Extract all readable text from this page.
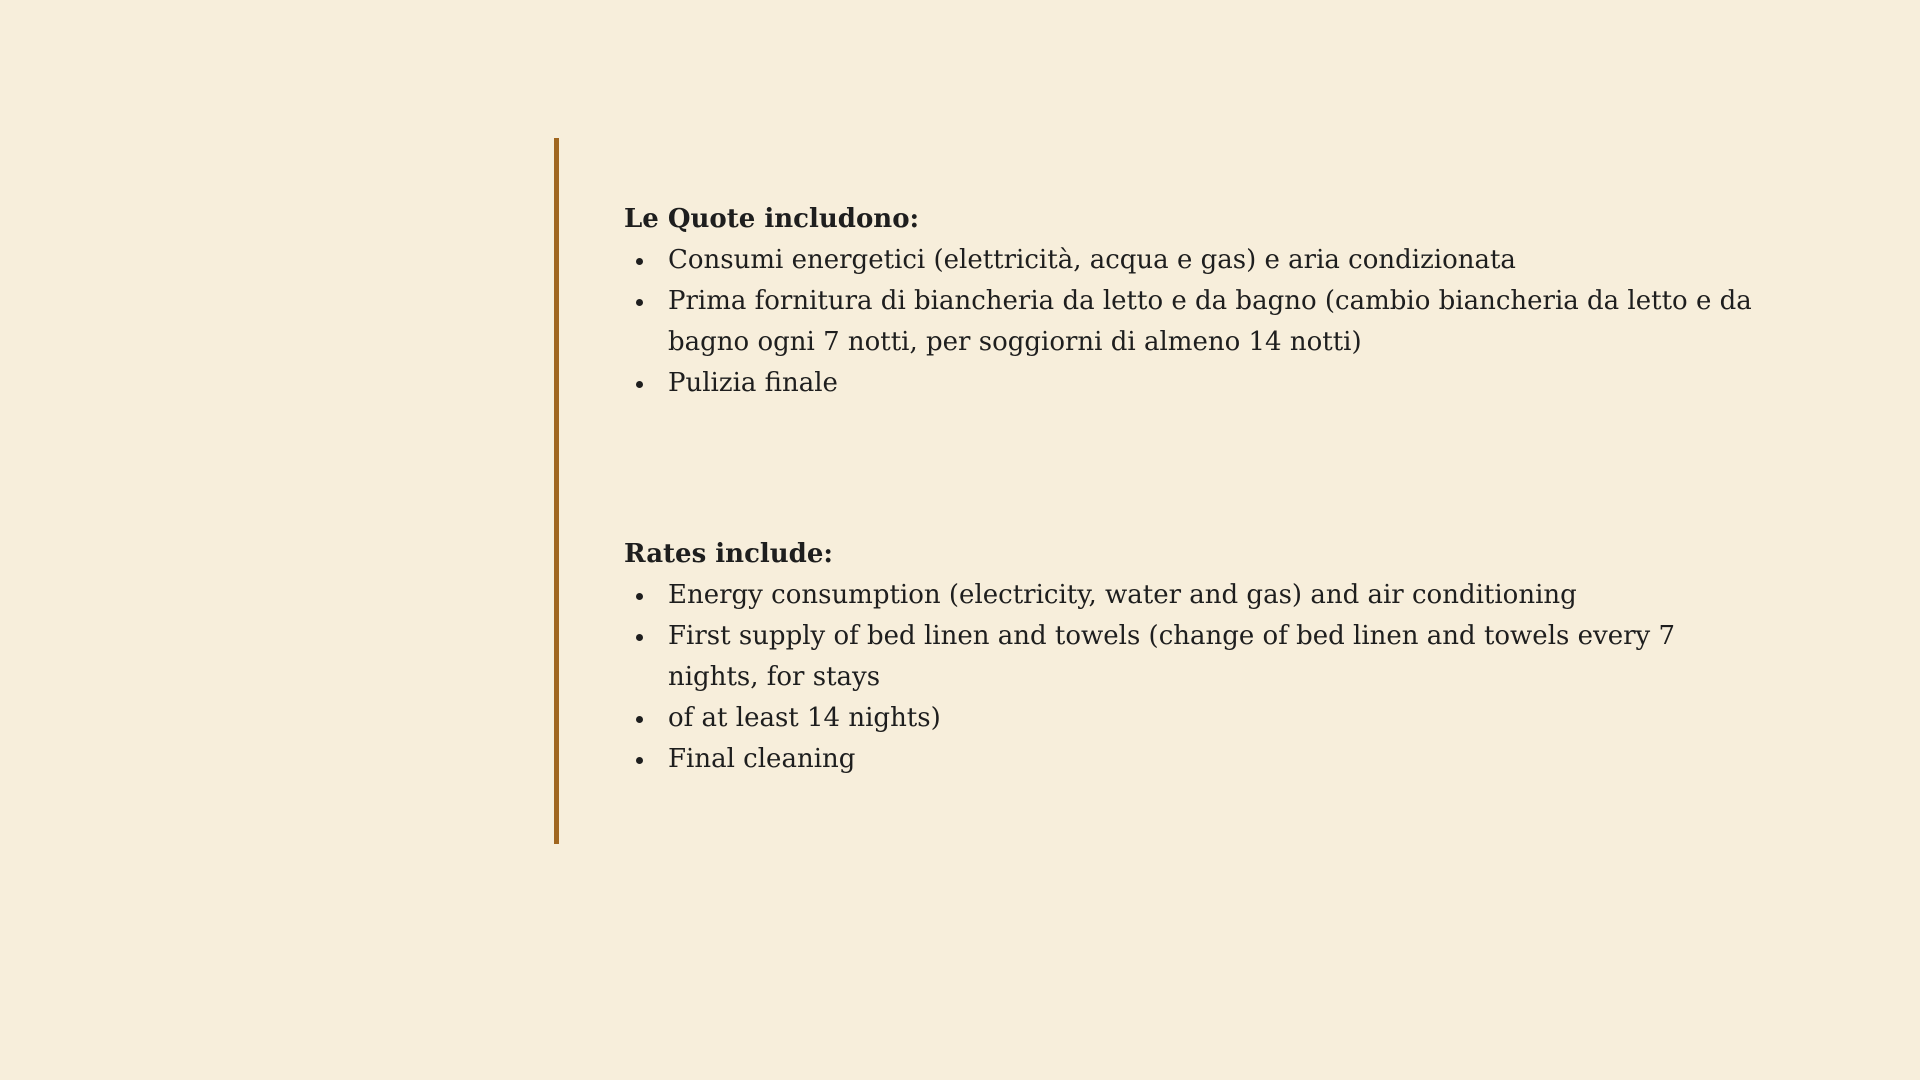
Le Quote includono:

Consumi energetici (elettricità, acqua e gas) e aria condizionata
Prima fornitura di biancheria da letto e da bagno (cambio biancheria da letto e da bagno ogni 7 notti, per soggiorni di almeno 14 notti)
Pulizia finale

Rates include:

Energy consumption (electricity, water and gas) and air conditioning
First supply of bed linen and towels (change of bed linen and towels every 7 nights, for stays
of at least 14 nights)
Final cleaning
